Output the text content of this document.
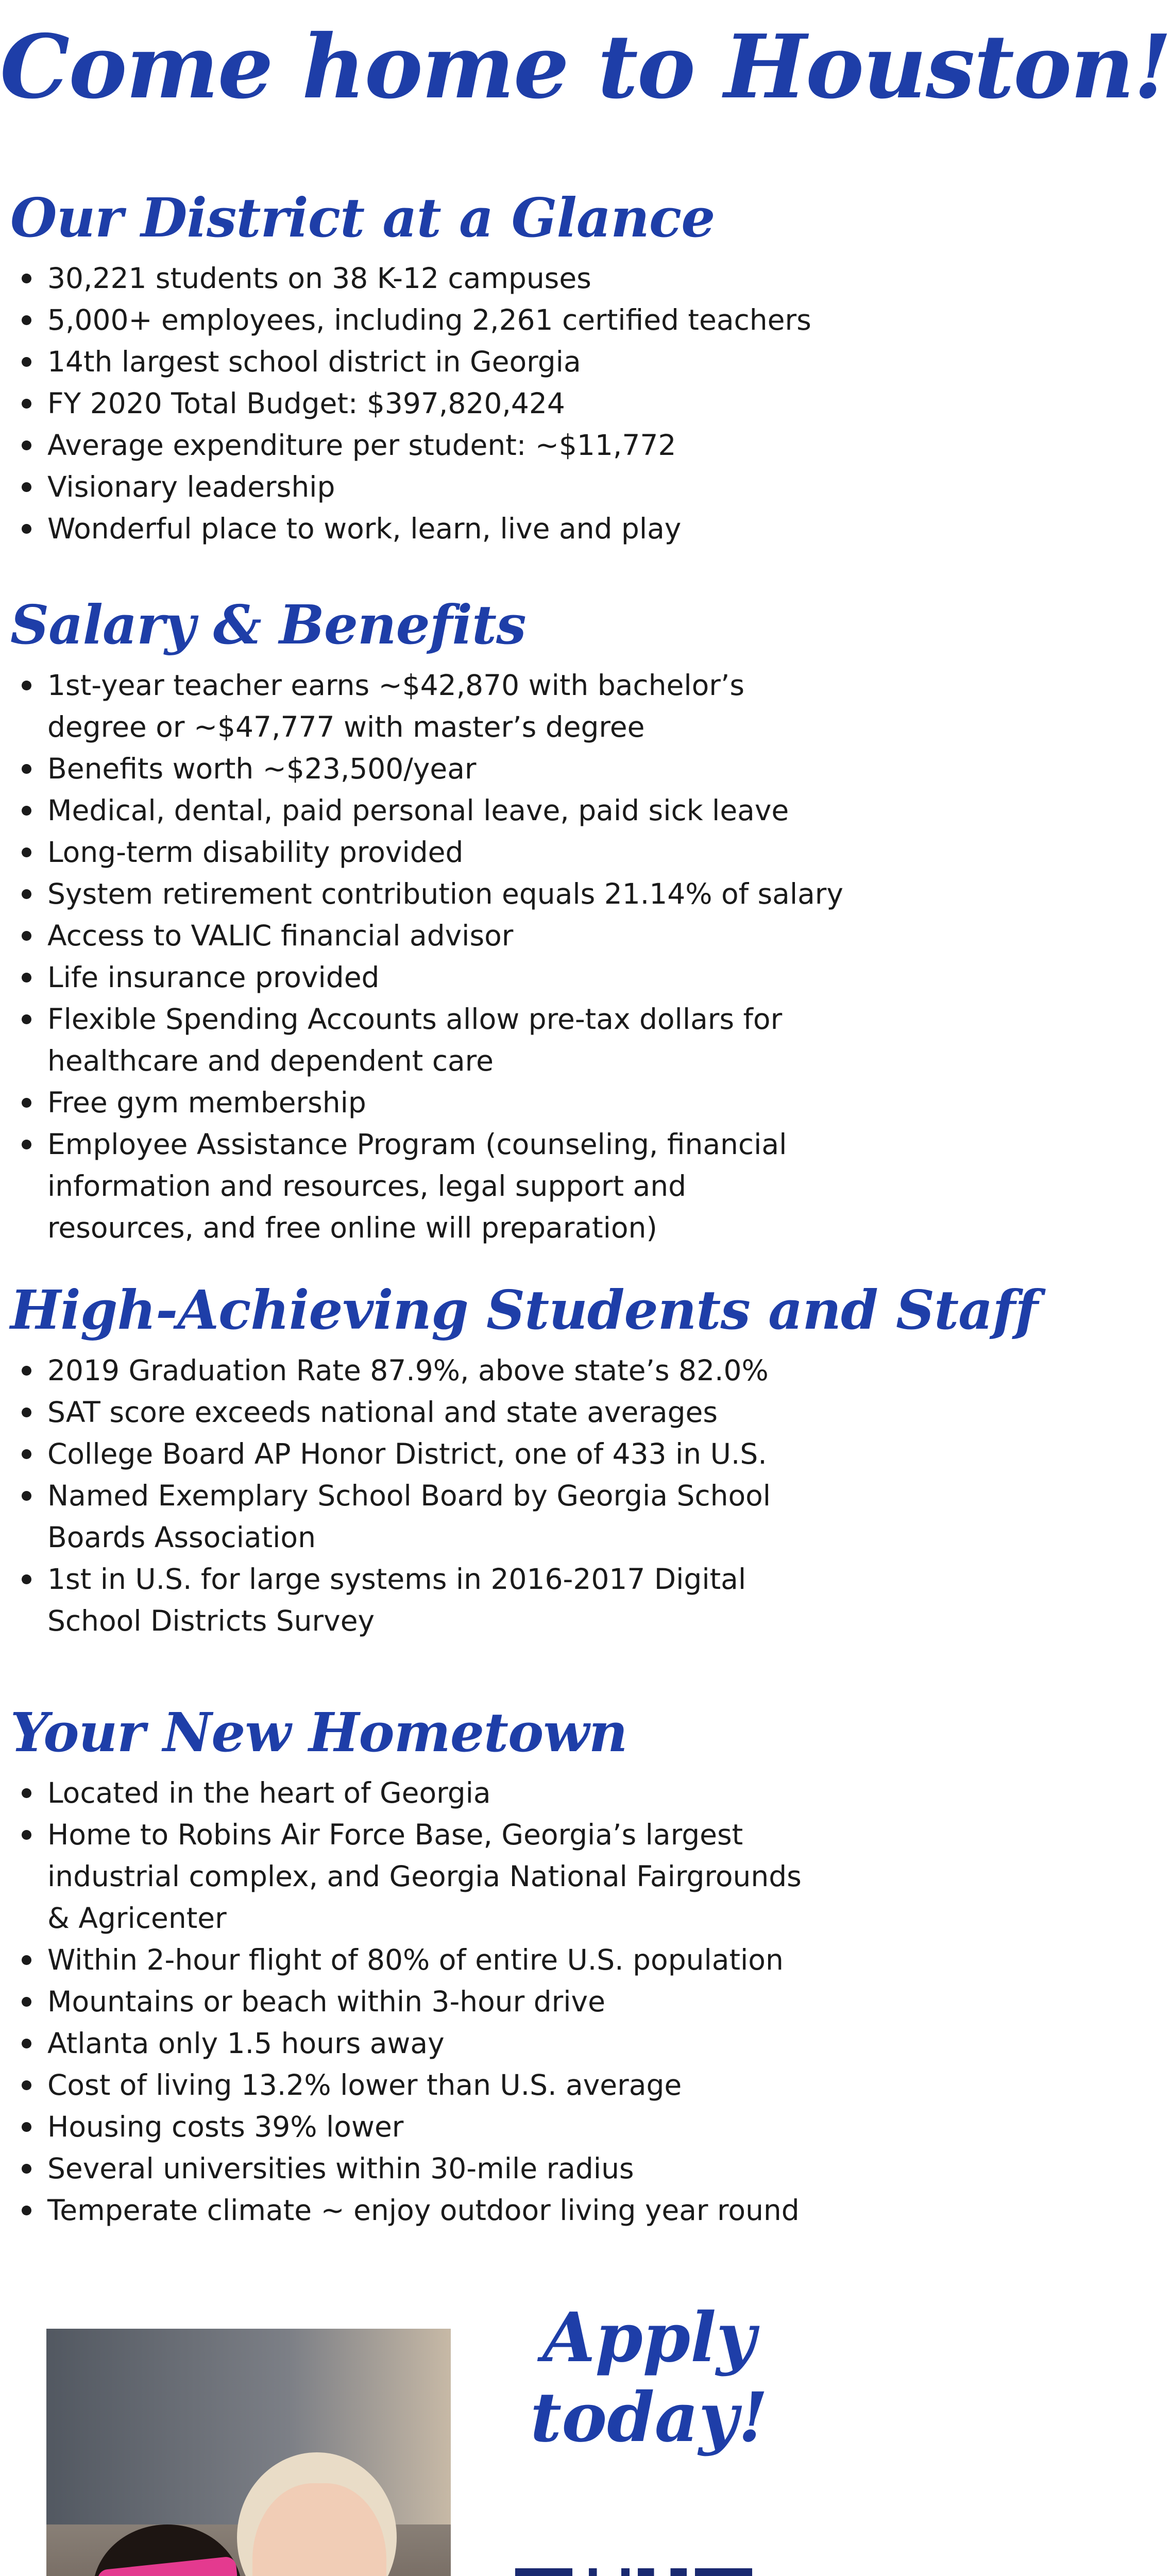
Come home to Houston!
Our District at a Glance
30,221 students on 38 K-12 campuses
5,000+ employees, including 2,261 certified teachers
14th largest school district in Georgia
FY 2020 Total Budget: $397,820,424
Average expenditure per student: ~$11,772
Visionary leadership
Wonderful place to work, learn, live and play
Salary & Benefits
1st-year teacher earns ~$42,870 with bachelor’s
degree or ~$47,777 with master’s degree
Benefits worth ~$23,500/year
Medical, dental, paid personal leave, paid sick leave
Long-term disability provided
System retirement contribution equals 21.14% of salary
Access to VALIC financial advisor
Life insurance provided
Flexible Spending Accounts allow pre-tax dollars for
healthcare and dependent care
Free gym membership
Employee Assistance Program (counseling, financial
information and resources, legal support and
resources, and free online will preparation)
High-Achieving Students and Staff
2019 Graduation Rate 87.9%, above state’s 82.0%
SAT score exceeds national and state averages
College Board AP Honor District, one of 433 in U.S.
Named Exemplary School Board by Georgia School
Boards Association
1st in U.S. for large systems in 2016-2017 Digital
School Districts Survey
Your New Hometown
Located in the heart of Georgia
Home to Robins Air Force Base, Georgia’s largest
industrial complex, and Georgia National Fairgrounds
& Agricenter
Within 2-hour flight of 80% of entire U.S. population
Mountains or beach within 3-hour drive
Atlanta only 1.5 hours away
Cost of living 13.2% lower than U.S. average
Housing costs 39% lower
Several universities within 30-mile radius
Temperate climate ~ enjoy outdoor living year round
Apply
today!
